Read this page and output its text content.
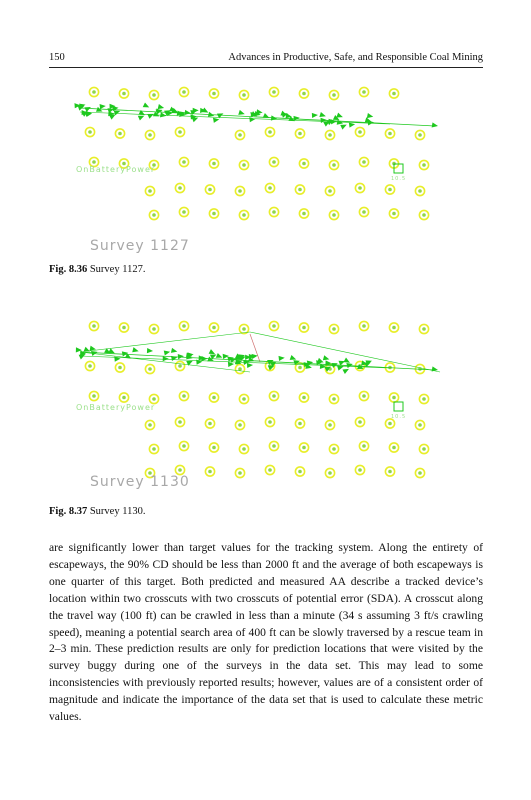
150	Advances in Productive, Safe, and Responsible Coal Mining
OnBatteryPower
10.5
Survey 1127
Fig. 8.36 Survey 1127.
OnBatteryPower
10.5
Survey 1130
Fig. 8.37 Survey 1130.
are significantly lower than target values for the tracking system. Along the entirety of escapeways, the 90% CD should be less than 2000 ft and the average of both escapeways is one quarter of this target. Both predicted and measured AA describe a tracked device’s location within two crosscuts with two crosscuts of potential error (SDA). A crosscut along the travel way (100 ft) can be crawled in less than a minute (34 s assuming 3 ft/s crawling speed), meaning a potential search area of 400 ft can be slowly traversed by a rescue team in 2–3 min. These prediction results are only for prediction locations that were visited by the survey buggy during one of the surveys in the data set. This may lead to some inconsistencies with previously reported results; however, values are of a consistent order of magnitude and indicate the importance of the data set that is used to calculate these metric values.
